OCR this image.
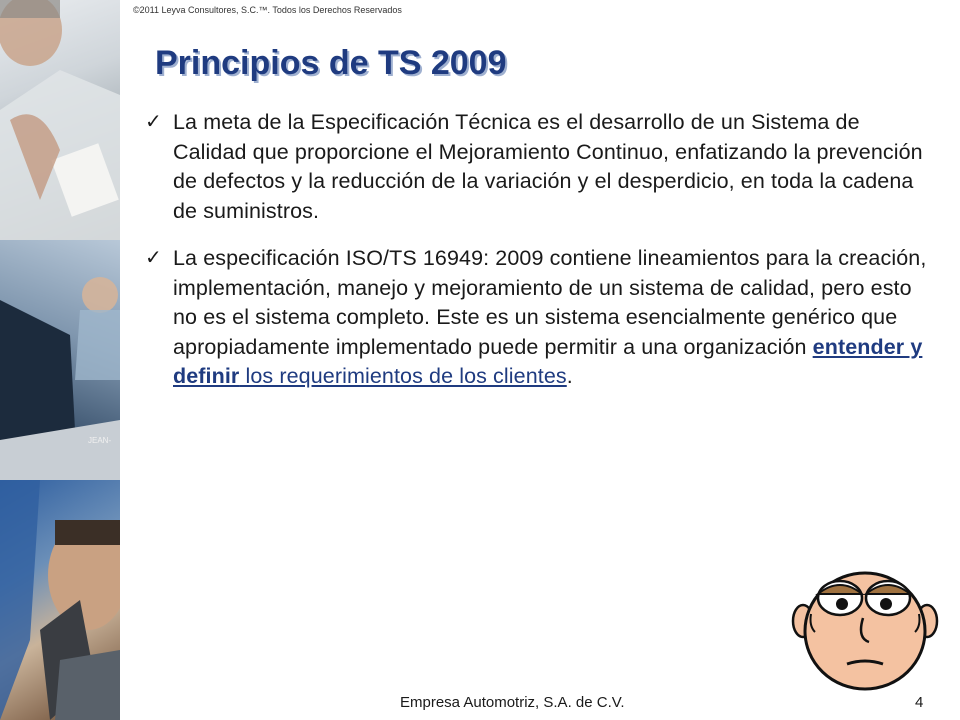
JEAN-
©2011 Leyva Consultores, S.C.™. Todos los Derechos Reservados
Principios de TS 2009
✓ La meta de la Especificación Técnica es el desarrollo de un Sistema de Calidad que proporcione el Mejoramiento Continuo, enfatizando la prevención de defectos y la reducción de la variación y el desperdicio, en toda la cadena de suministros.
✓ La especificación ISO/TS 16949: 2009 contiene lineamientos para la creación, implementación, manejo y mejoramiento de un sistema de calidad, pero esto no es el sistema completo. Este es un sistema esencialmente genérico que apropiadamente implementado puede permitir a una organización entender y definir los requerimientos de los clientes.
Empresa Automotriz, S.A. de C.V.	4
